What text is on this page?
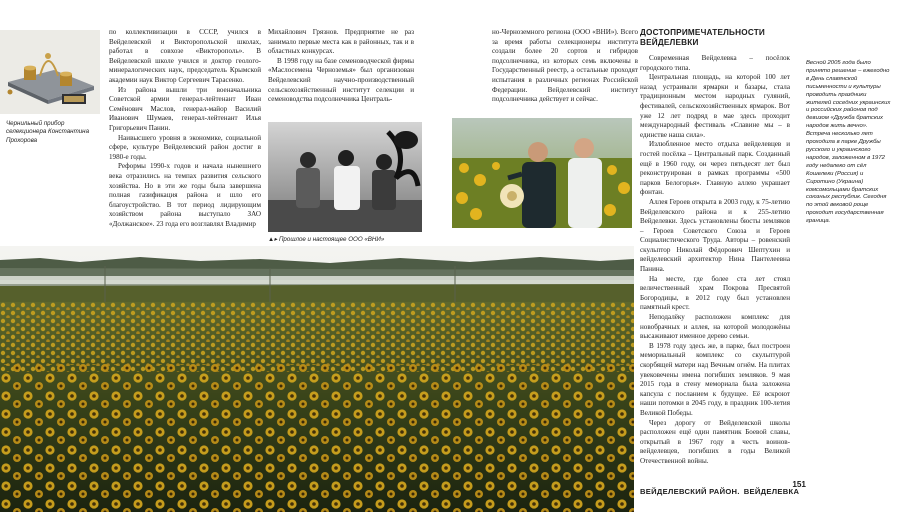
Чернильный прибор селекционера Константина Прохорова

по коллективизации в СССР, учился в Вейделевской и Викторопольской школах, работал в совхозе «Викторополь». В Вейделевской школе учился и доктор геолого-минералогических наук, председатель Крымской академии наук Виктор Сергеевич Тарасенко.

Из района вышли три военачальника Советской армии генерал-лейтенант Иван Семёнович Маслов, генерал-майор Василий Иванович Шумаев, генерал-лейтенант Илья Григорьевич Панин.

Наивысшего уровня в экономике, социальной сфере, культуре Вейделевский район достиг в 1980-е годы.

Реформы 1990-х годов и начала нынешнего века отразились на темпах развития сельского хозяйства. Но в эти же годы была завершена полная газификация района и шло его благоустройство. В тот период лидирующим хозяйством района выступало ЗАО «Должанское». 23 года его возглавлял Владимир

Михайлович Грязнов. Предприятие не раз занимало первые места как в районных, так и в областных конкурсах.

В 1998 году на базе семеноводческой фирмы «Маслосемена Черноземья» был организован Вейделевский научно-производственный сельскохозяйственный институт селекции и семеноводства подсолнечника Централь-

▲▸ Прошлое и настоящее ООО «ВНИ»

но-Черноземного региона (ООО «ВНИ»). Всего за время работы селекционеры института создали более 20 сортов и гибридов подсолнечника, из которых семь включены в Государственный реестр, а остальные проходят испытания в различных регионах Российской Федерации. Вейделевский институт подсолнечника действует и сейчас.

ДОСТОПРИМЕЧАТЕЛЬНОСТИ
ВЕЙДЕЛЕВКИ

Современная Вейделевка – посёлок городского типа.

Центральная площадь, на которой 100 лет назад устраивали ярмарки и базары, стала традиционным местом народных гуляний, фестивалей, сельскохозяйственных ярмарок. Вот уже 12 лет подряд в мае здесь проходит международный фестиваль «Славине мы – в единстве наша сила».

Излюбленное место отдыха вейделевцев и гостей посёлка – Центральный парк. Созданный ещё в 1960 году, он через пятьдесят лет был реконструирован в рамках программы «500 парков Белогорья». Главную аллею украшает фонтан.

Аллея Героев открыта в 2003 году, к 75-летию Вейделевского района и к 255-летию Вейделевки. Здесь установлены бюсты земляков – Героев Советского Союза и Героев Социалистического Труда. Авторы – ровенский скульптор Николай Фёдорович Шептухин и вейделевский архитектор Нина Пантелеевна Панина.

На месте, где более ста лет стоял величественный храм Покрова Пресвятой Богородицы, в 2012 году был установлен памятный крест.

Неподалёку расположен комплекс для новобрачных и аллея, на которой молодожёны высаживают именное дерево семьи.

В 1978 году здесь же, в парке, был построен мемориальный комплекс со скульптурой скорбящей матери над Вечным огнём. На плитах увековечены имена погибших земляков. 9 мая 2015 года в стену мемориала была заложена капсула с посланием к будущее. Её вскроют наши потомки в 2045 году, в праздник 100-летия Великой Победы.

Через дорогу от Вейделевской школы расположен ещё один памятник Боевой славы, открытый в 1967 году в честь воинов-вейделевцев, погибших в годы Великой Отечественной войны.

Весной 2005 года было принято решение – ежегодно в День славянской письменности и культуры проводить праздники жителей соседних украинских и российских районов под девизом «Дружба братских народов жить вечно». Встреча несколько лет проходила в парке Дружбы русского и украинского народов, заложенном в 1972 году недалеко от сёл Кошелеки (Россия) и Сиротино (Украина) комсомольцами братских союзных республик. Сегодня по этой вековой роще проходит государственная граница.

ВЕЙДЕЛЕВСКИЙ РАЙОН. ВЕЙДЕЛЕВКА
151
